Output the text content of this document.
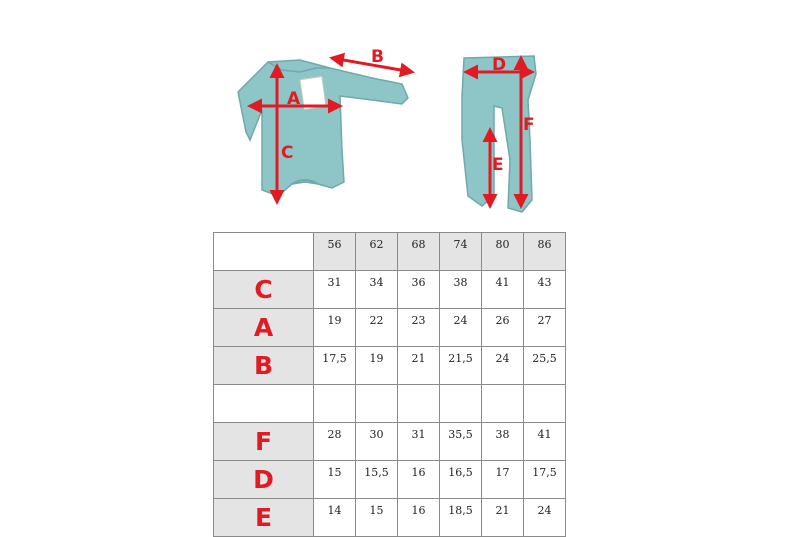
A
B
C
D
E
F
	56	62	68	74	80	86
C	31	34	36	38	41	43
A	19	22	23	24	26	27
B	17,5	19	21	21,5	24	25,5

F	28	30	31	35,5	38	41
D	15	15,5	16	16,5	17	17,5
E	14	15	16	18,5	21	24
